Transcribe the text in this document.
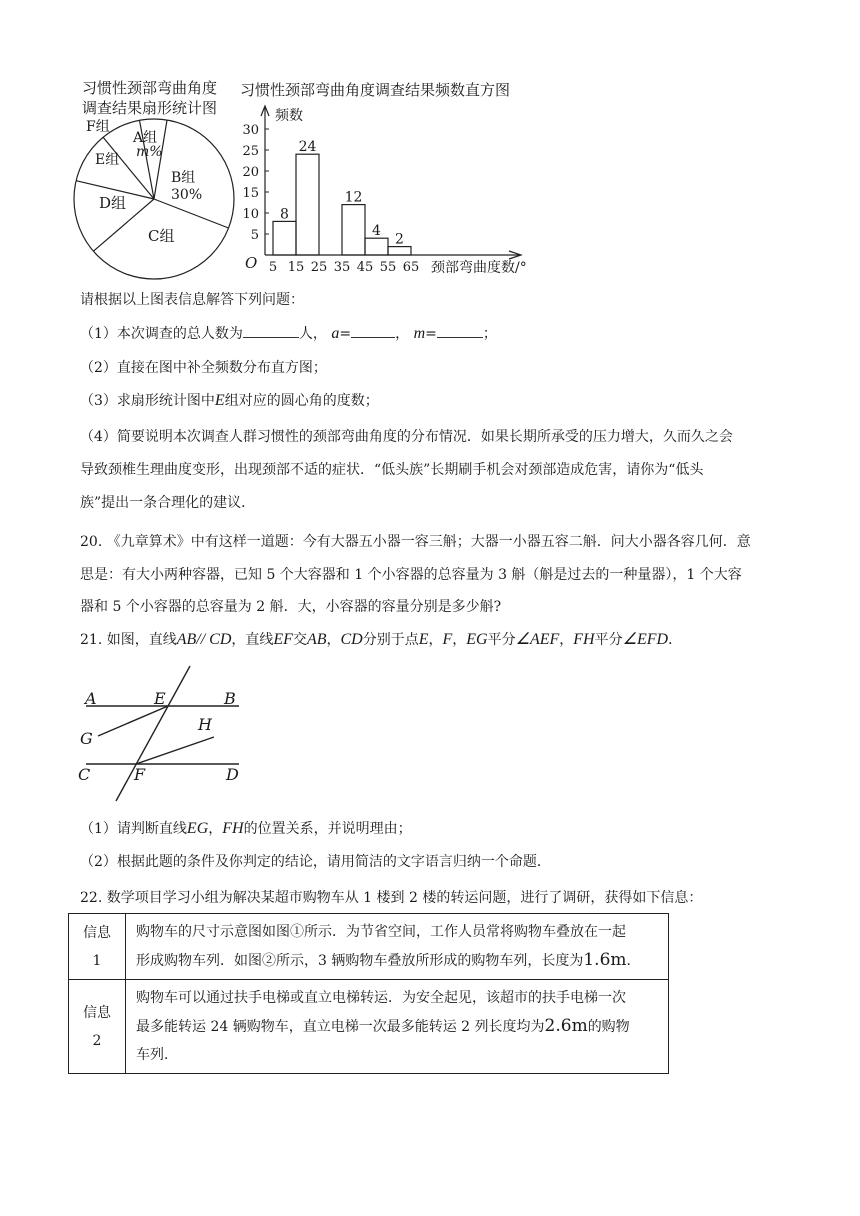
习惯性颈部弯曲角度
调查结果扇形统计图
F组
A组
m%
E组
B组
30%
D组
C组
习惯性颈部弯曲角度调查结果频数直方图
5
10
15
20
25
30
5 15 25 35 45 55 65
8
24
12
4
2
频数
O	颈部弯曲度数/°
请根据以上图表信息解答下列问题：
（1）本次调查的总人数为	人， a=	， m=	；
（2）直接在图中补全频数分布直方图；
（3）求扇形统计图中E组对应的圆心角的度数；
（4）简要说明本次调查人群习惯性的颈部弯曲角度的分布情况．如果长期所承受的压力增大，久而久之会
导致颈椎生理曲度变形，出现颈部不适的症状．“低头族”长期刷手机会对颈部造成危害，请你为“低头
族”提出一条合理化的建议．
20. 《九章算术》中有这样一道题：今有大器五小器一容三斛；大器一小器五容二斛．问大小器各容几何．意
思是：有大小两种容器，已知 5 个大容器和 1 个小容器的总容量为 3 斛（斛是过去的一种量器），1 个大容
器和 5 个小容器的总容量为 2 斛．大，小容器的容量分别是多少斛?
21. 如图，直线AB// CD，直线EF交AB，CD分别于点E，F，EG平分∠AEF，FH平分∠EFD．
A	E	B
G
H
C	F	D
（1）请判断直线EG，FH的位置关系，并说明理由；
（2）根据此题的条件及你判定的结论，请用简洁的文字语言归纳一个命题．
22. 数学项目学习小组为解决某超市购物车从 1 楼到 2 楼的转运问题，进行了调研，获得如下信息：
信息 1	购物车的尺寸示意图如图①所示．为节省空间，工作人员常将购物车叠放在一起
形成购物车列．如图②所示，3 辆购物车叠放所形成的购物车列，长度为1.6m．

信息 2	购物车可以通过扶手电梯或直立电梯转运．为安全起见，该超市的扶手电梯一次
最多能转运 24 辆购物车，直立电梯一次最多能转运 2 列长度均为2.6m的购物
车列．
